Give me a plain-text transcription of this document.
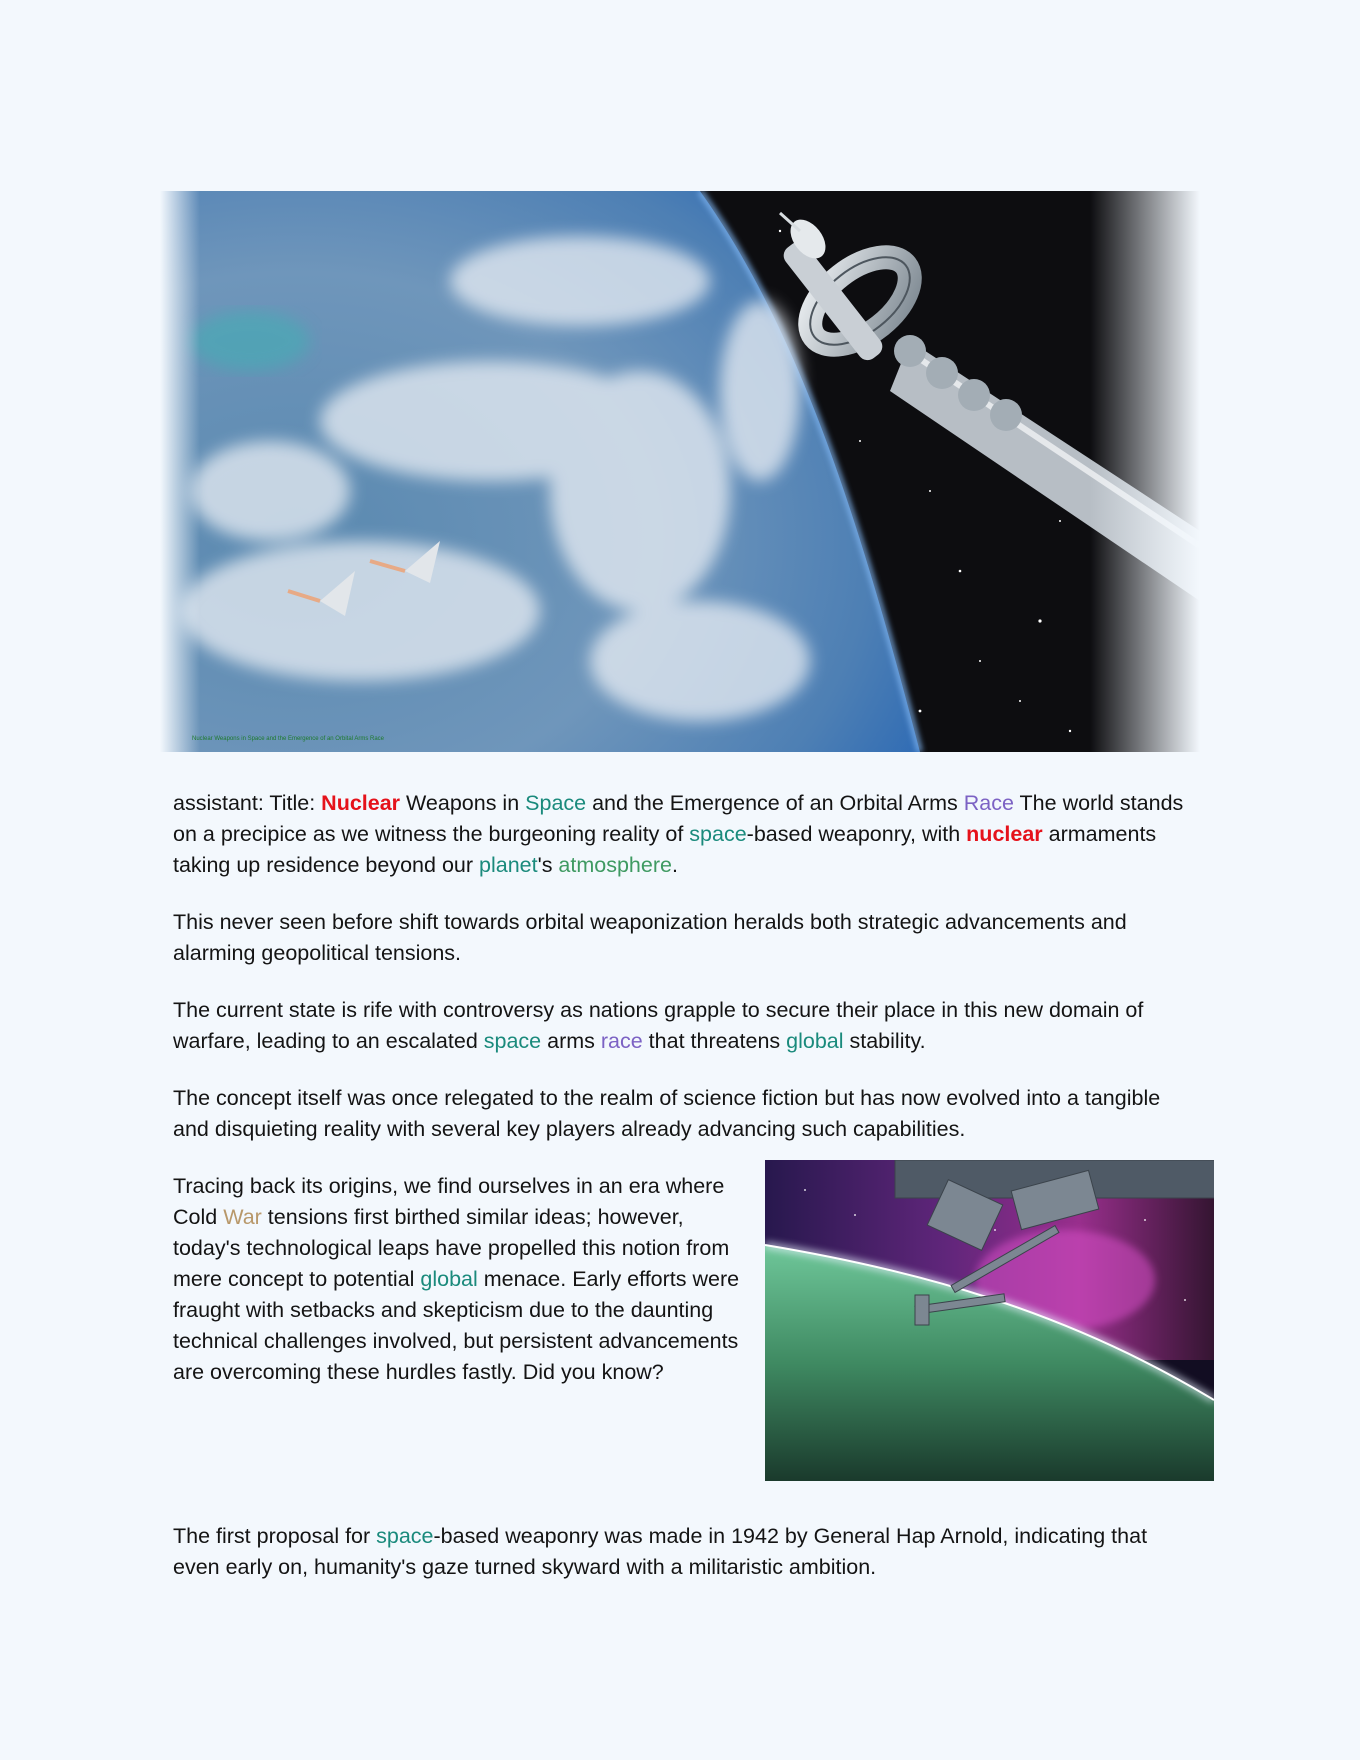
Nuclear Weapons in Space and the Emergence of an Orbital Arms Race

assistant: Title: Nuclear Weapons in Space and the Emergence of an Orbital Arms Race The world stands on a precipice as we witness the burgeoning reality of space-based weaponry, with nuclear armaments taking up residence beyond our planet's atmosphere.

This never seen before shift towards orbital weaponization heralds both strategic advancements and alarming geopolitical tensions.

The current state is rife with controversy as nations grapple to secure their place in this new domain of warfare, leading to an escalated space arms race that threatens global stability.

The concept itself was once relegated to the realm of science fiction but has now evolved into a tangible and disquieting reality with several key players already advancing such capabilities.

Tracing back its origins, we find ourselves in an era where Cold War tensions first birthed similar ideas; however, today's technological leaps have propelled this notion from mere concept to potential global menace. Early efforts were fraught with setbacks and skepticism due to the daunting technical challenges involved, but persistent advancements are overcoming these hurdles fastly. Did you know?

The first proposal for space-based weaponry was made in 1942 by General Hap Arnold, indicating that even early on, humanity's gaze turned skyward with a militaristic ambition.
